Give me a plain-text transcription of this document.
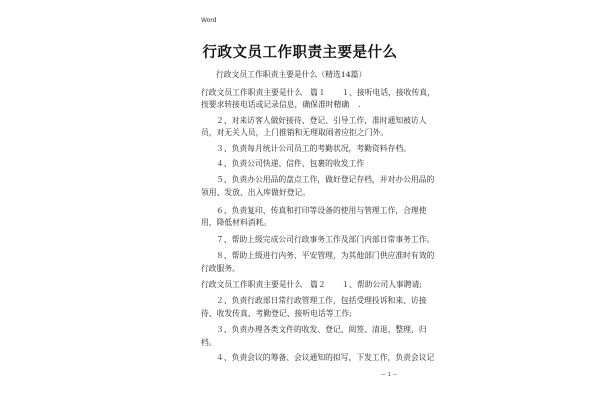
Word
行政文员工作职责主要是什么
行政文员工作职责主要是什么（精选14篇）
行政文员工作职责主要是什么　篇１　　１、接听电话，接收传真，
按要求转接电话或记录信息，确保准时精确 .
２、对来访客人做好接待、登记、引导工作，准时通知被访人
员，对无关人员，上门推销和无理取闹者应拒之门外。
３、负责每月统计公司员工的考勤状况，考勤资料存档。
４、负责公司快递、信件、包裹的收发工作
５、负责办公用品的盘点工作，做好登记存档，并对办公用品的
领用、发放、出入库做好登记。
６、负责复印、传真和打印等设备的使用与管理工作，合理使
用，降低材料消耗。
７、帮助上级完成公司行政事务工作及部门内部日常事务工作。
８、帮助上级进行内务、平安管理，为其他部门供应准时有效的
行政服务。
行政文员工作职责主要是什么　篇２　　１、帮助公司人事聘请;
２、负责行政部日常行政管理工作，包括受理投诉和来、访接
待、收发传真、考勤登记、接听电话等工作;
３、负责办理各类文件的收发、登记、阅签、清退、整理、归
档。
４、负责会议的筹备、会议通知的拟写，下发工作，负责会议记
— 1 —
